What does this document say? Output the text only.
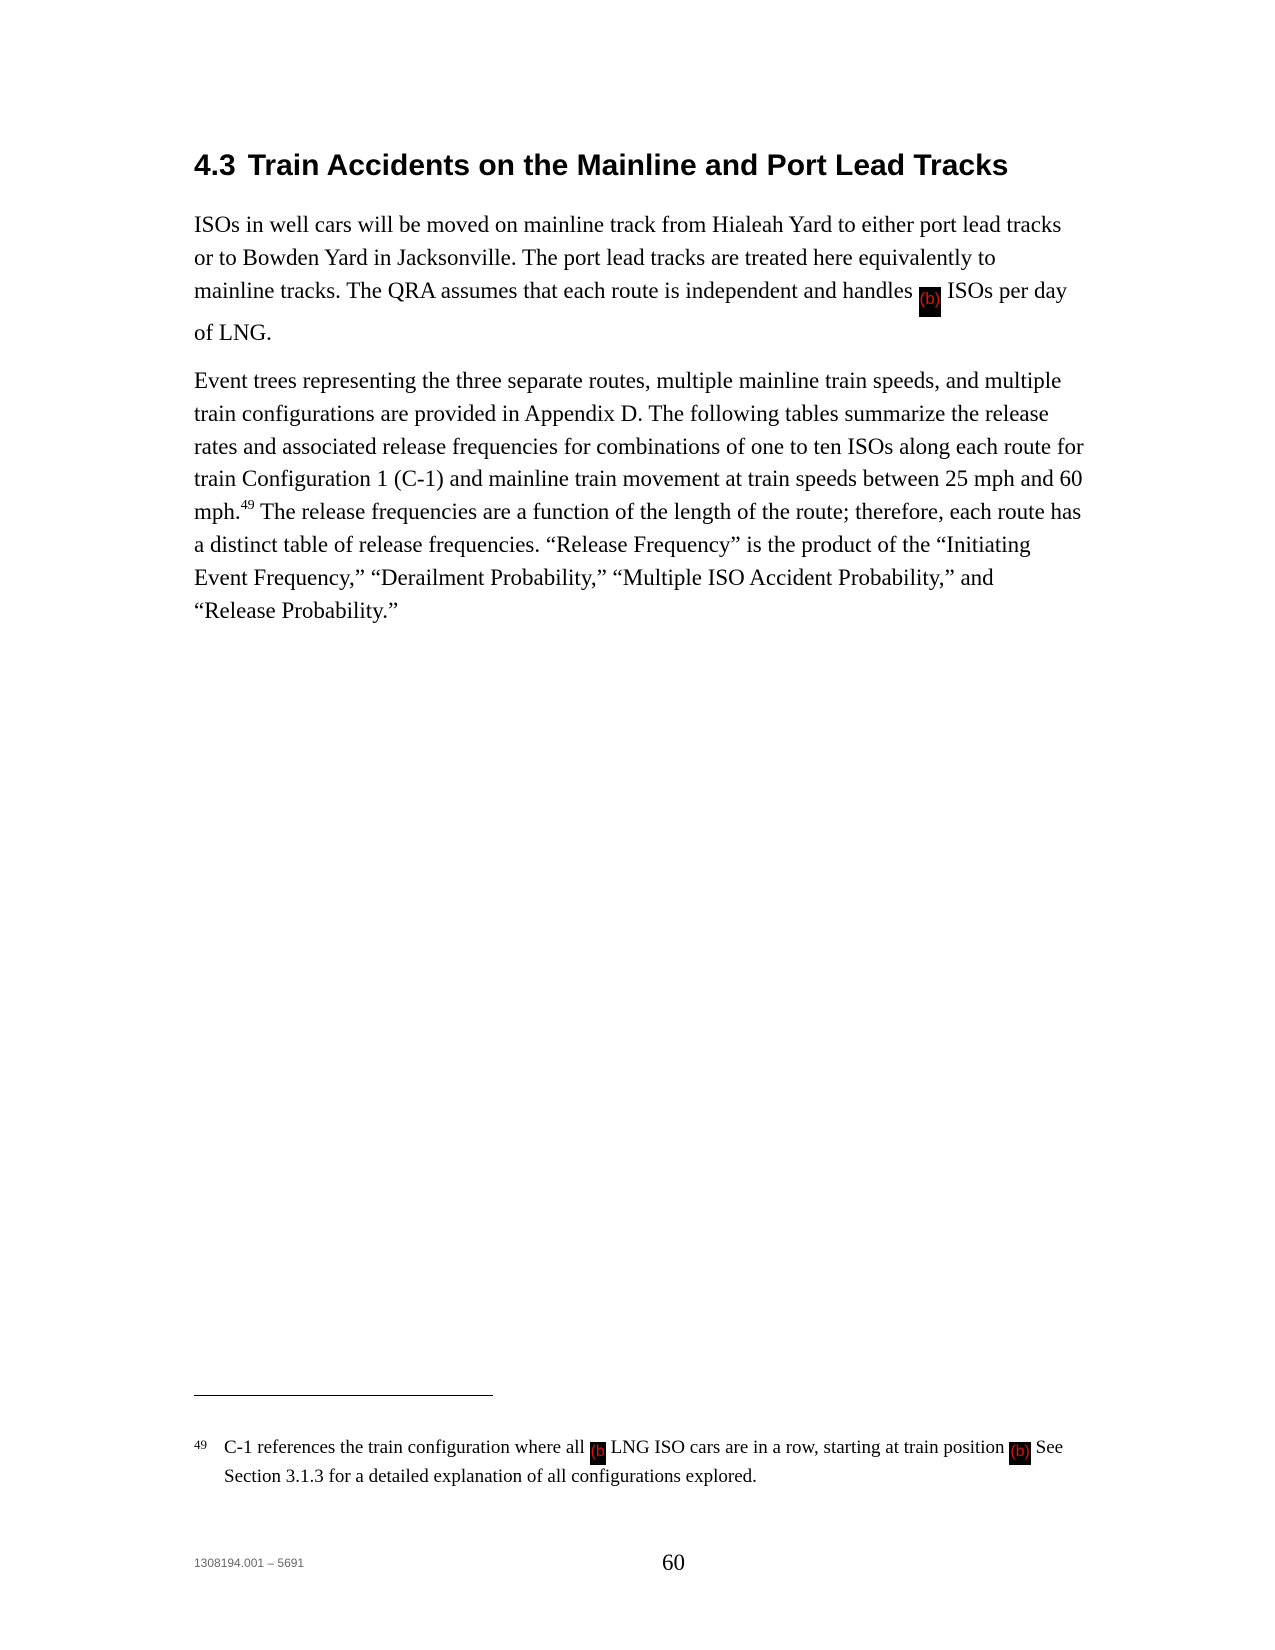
4.3 Train Accidents on the Mainline and Port Lead Tracks

ISOs in well cars will be moved on mainline track from Hialeah Yard to either port lead tracks
or to Bowden Yard in Jacksonville. The port lead tracks are treated here equivalently to
mainline tracks. The QRA assumes that each route is independent and handles (b) ISOs per day
of LNG.

Event trees representing the three separate routes, multiple mainline train speeds, and multiple
train configurations are provided in Appendix D. The following tables summarize the release
rates and associated release frequencies for combinations of one to ten ISOs along each route for
train Configuration 1 (C-1) and mainline train movement at train speeds between 25 mph and 60
mph.$^{49}$ The release frequencies are a function of the length of the route; therefore, each route has
a distinct table of release frequencies. “Release Frequency” is the product of the “Initiating
Event Frequency,” “Derailment Probability,” “Multiple ISO Accident Probability,” and
“Release Probability.”

49 C-1 references the train configuration where all (b LNG ISO cars are in a row, starting at train position (b) See
Section 3.1.3 for a detailed explanation of all configurations explored.
1308194.001 – 5691	60
